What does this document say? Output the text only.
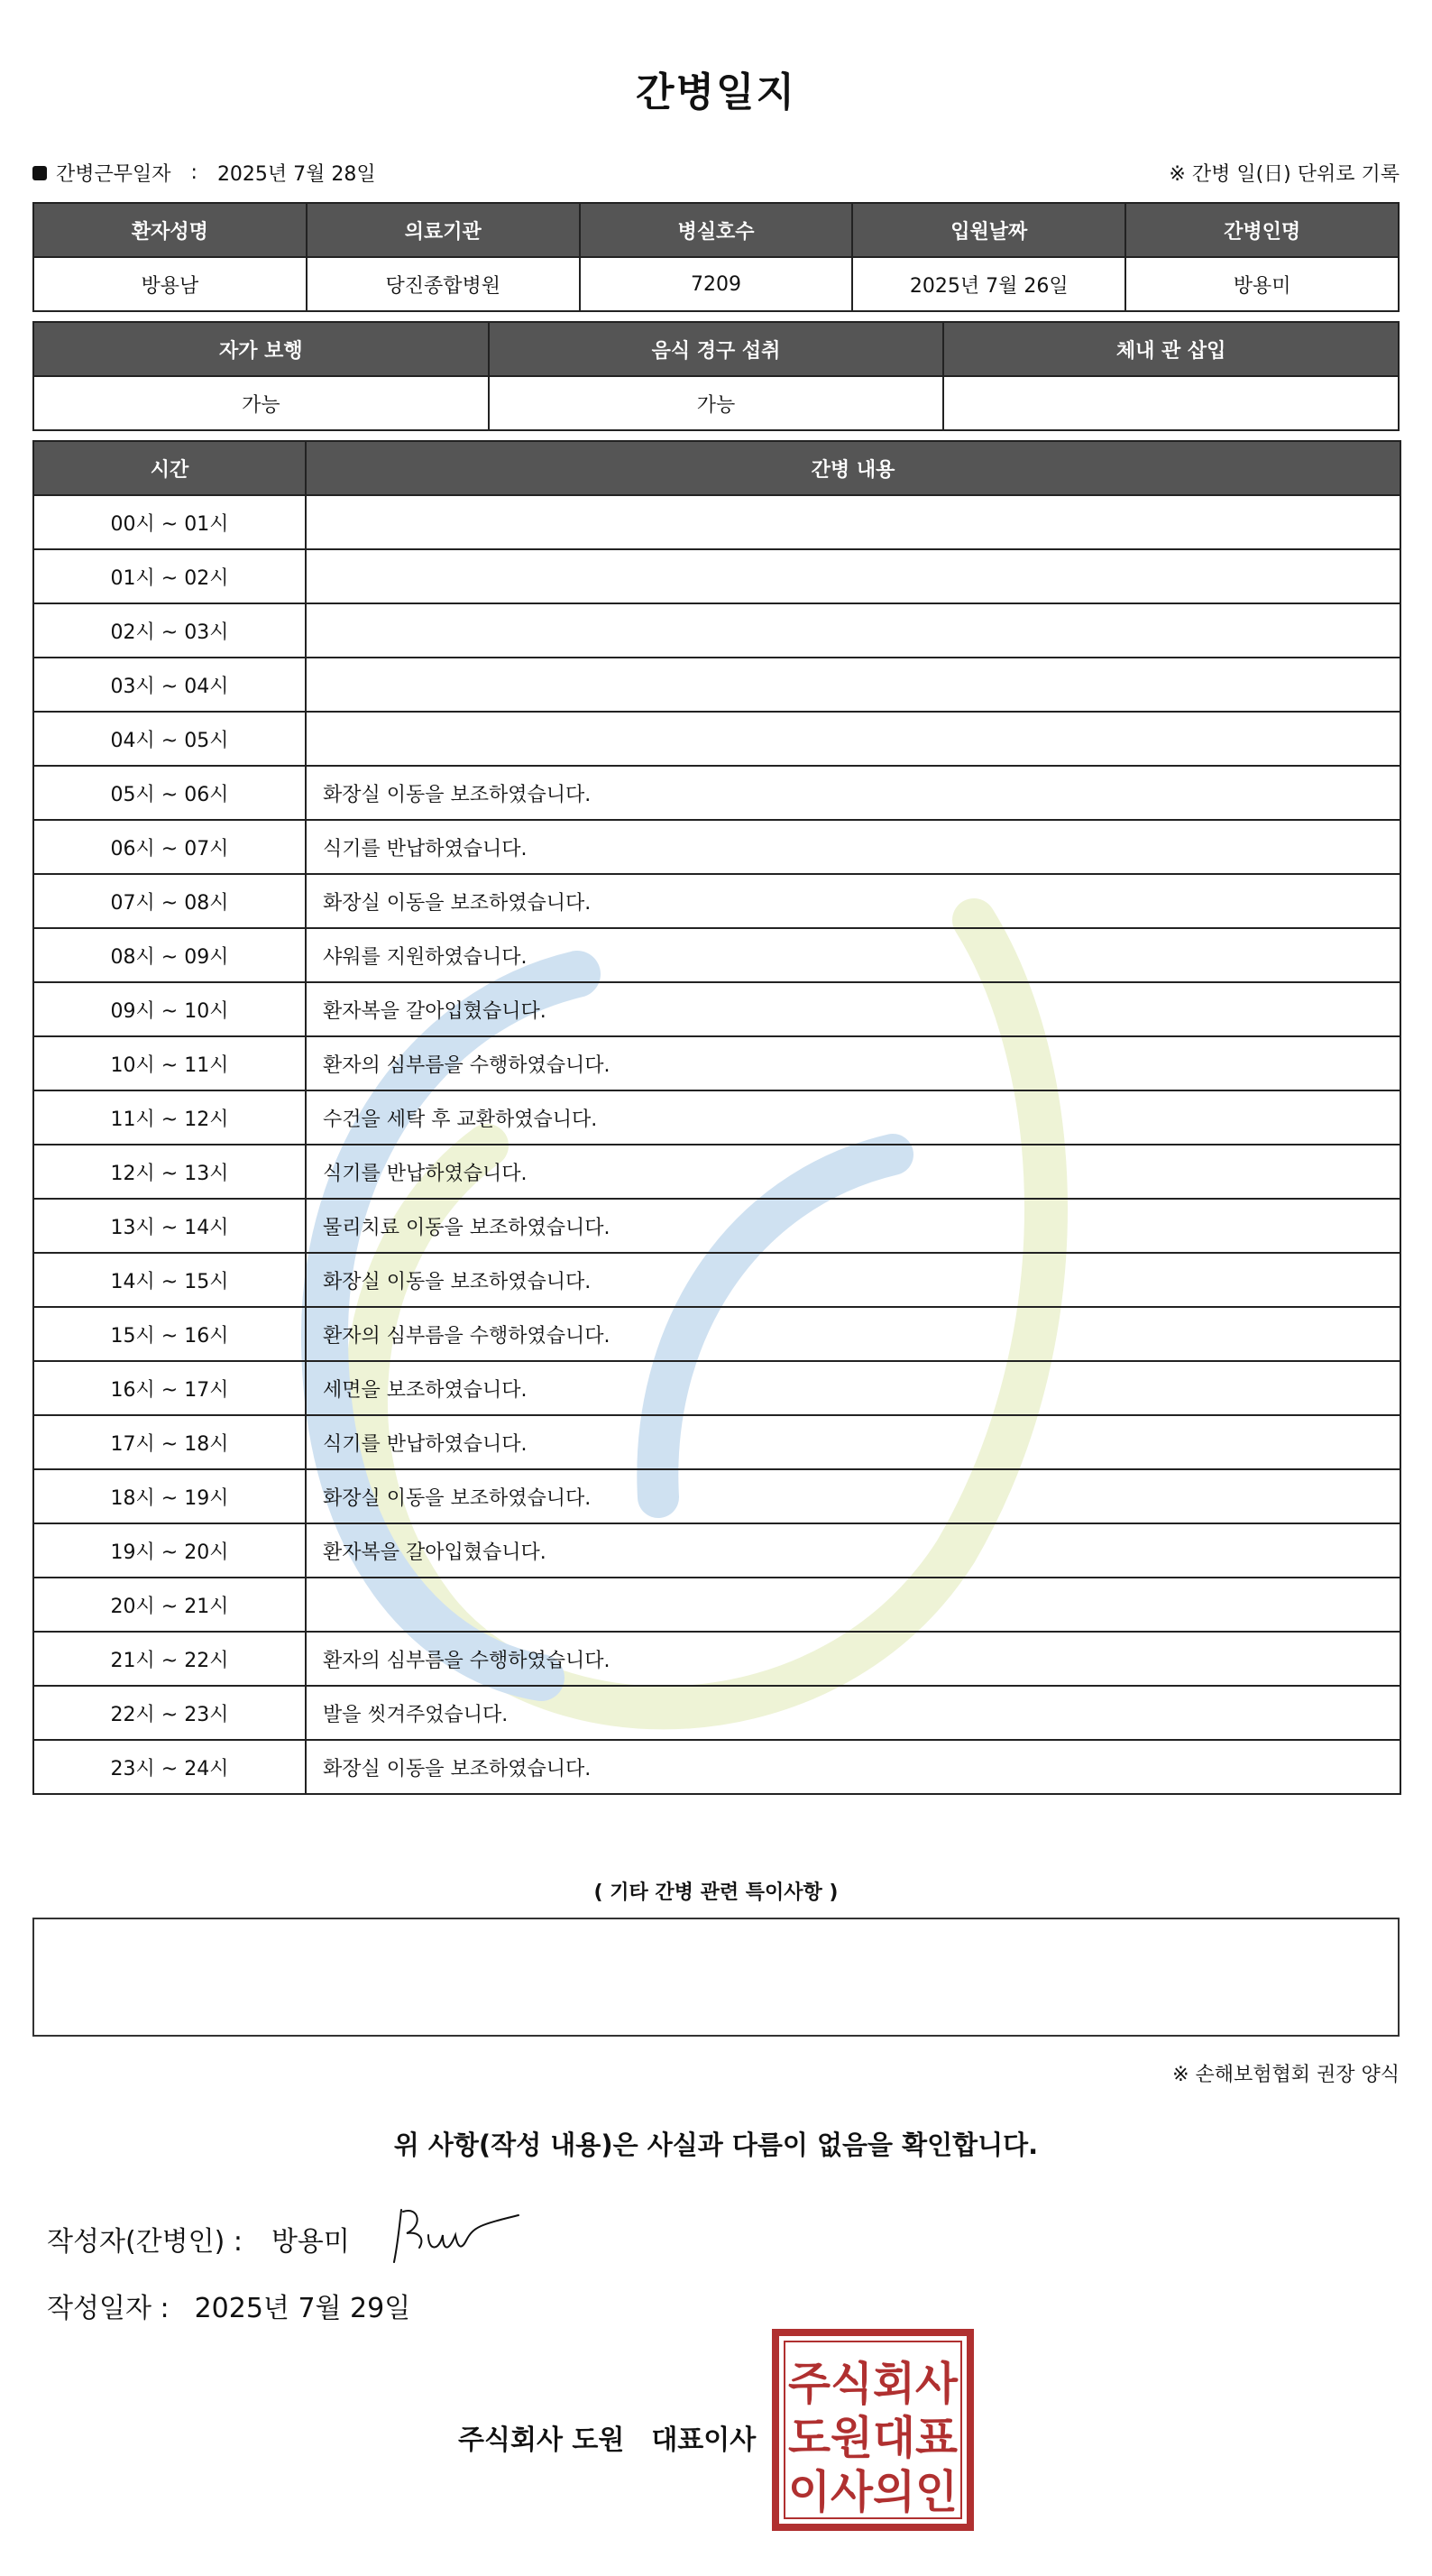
간병일지
간병근무일자 : 2025년 7월 28일	※ 간병 일(日) 단위로 기록
환자성명	의료기관	병실호수	입원날짜	간병인명
방용남	당진종합병원	7209	2025년 7월 26일	방용미
자가 보행	음식 경구 섭취	체내 관 삽입
가능	가능	
시간	간병 내용
00시 ~ 01시	
01시 ~ 02시	
02시 ~ 03시	
03시 ~ 04시	
04시 ~ 05시	
05시 ~ 06시	화장실 이동을 보조하였습니다.
06시 ~ 07시	식기를 반납하였습니다.
07시 ~ 08시	화장실 이동을 보조하였습니다.
08시 ~ 09시	샤워를 지원하였습니다.
09시 ~ 10시	환자복을 갈아입혔습니다.
10시 ~ 11시	환자의 심부름을 수행하였습니다.
11시 ~ 12시	수건을 세탁 후 교환하였습니다.
12시 ~ 13시	식기를 반납하였습니다.
13시 ~ 14시	물리치료 이동을 보조하였습니다.
14시 ~ 15시	화장실 이동을 보조하였습니다.
15시 ~ 16시	환자의 심부름을 수행하였습니다.
16시 ~ 17시	세면을 보조하였습니다.
17시 ~ 18시	식기를 반납하였습니다.
18시 ~ 19시	화장실 이동을 보조하였습니다.
19시 ~ 20시	환자복을 갈아입혔습니다.
20시 ~ 21시	
21시 ~ 22시	환자의 심부름을 수행하였습니다.
22시 ~ 23시	발을 씻겨주었습니다.
23시 ~ 24시	화장실 이동을 보조하였습니다.
( 기타 간병 관련 특이사항 )
※ 손해보험협회 권장 양식
위 사항(작성 내용)은 사실과 다름이 없음을 확인합니다.
작성자(간병인) : 방용미
작성일자 : 2025년 7월 29일
주식회사 도원 대표이사
주식회사
도원대표
이사의인
